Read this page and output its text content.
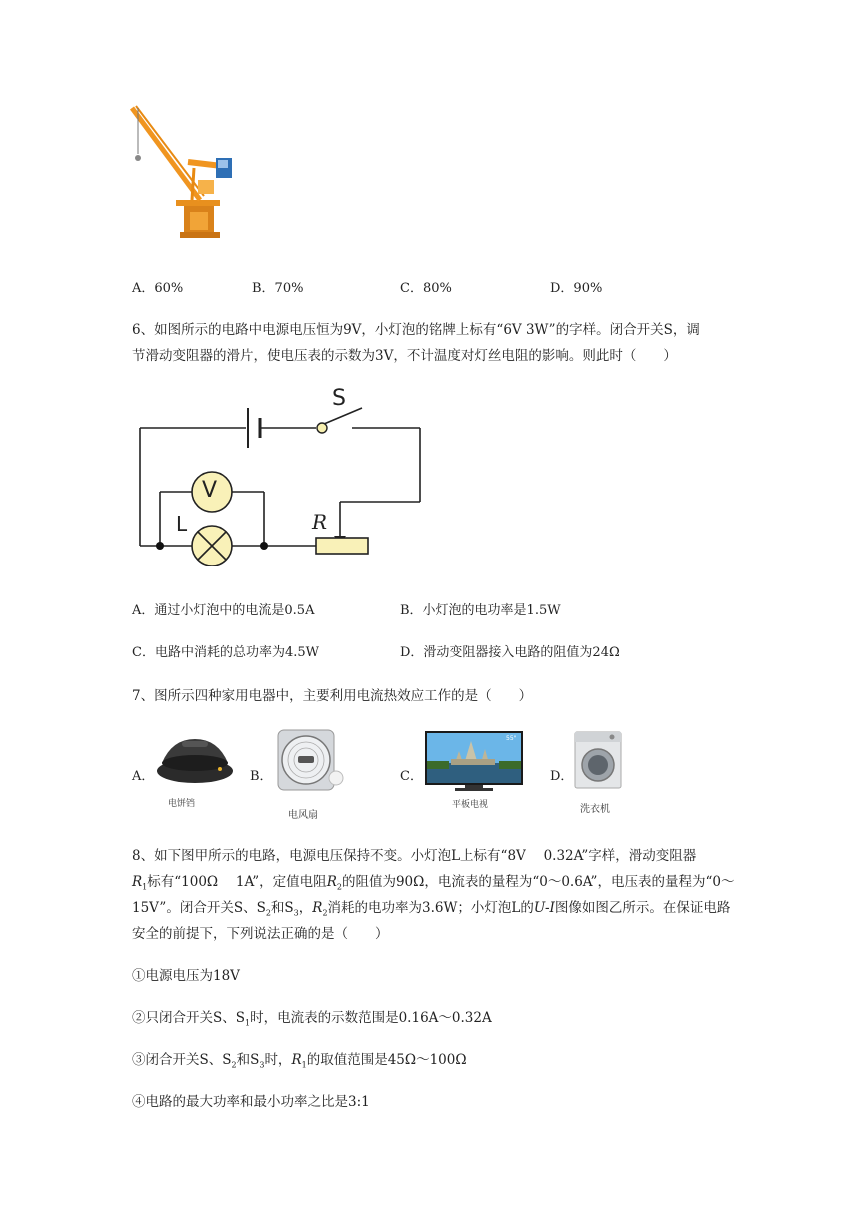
A．60%	B．70%	C．80%	D．90%
6、如图所示的电路中电源电压恒为9V，小灯泡的铭牌上标有“6V 3W”的字样。闭合开关S，调
节滑动变阻器的滑片，使电压表的示数为3V，不计温度对灯丝电阻的影响。则此时（　　）
S
V
L	R
A．通过小灯泡中的电流是0.5A	B．小灯泡的电功率是1.5W
C．电路中消耗的总功率为4.5W	D．滑动变阻器接入电路的阻值为24Ω
7、图所示四种家用电器中，主要利用电流热效应工作的是（　　）
A．
电饼铛
B．
电风扇
C．
55"
平板电视
D．
洗衣机
8、如下图甲所示的电路，电源电压保持不变。小灯泡L上标有“8V　 0.32A”字样，滑动变阻器
$R_1$标有“100Ω　 1A”，定值电阻$R_2$的阻值为90Ω，电流表的量程为“0～0.6A”，电压表的量程为“0～
15V”。闭合开关S、$S_2$和$S_3$，$R_2$消耗的电功率为3.6W；小灯泡L的U-I图像如图乙所示。在保证电路
安全的前提下，下列说法正确的是（　　）
①电源电压为18V
②只闭合开关S、$S_1$时，电流表的示数范围是0.16A～0.32A
③闭合开关S、$S_2$和$S_3$时，$R_1$的取值范围是45Ω～100Ω
④电路的最大功率和最小功率之比是3:1
